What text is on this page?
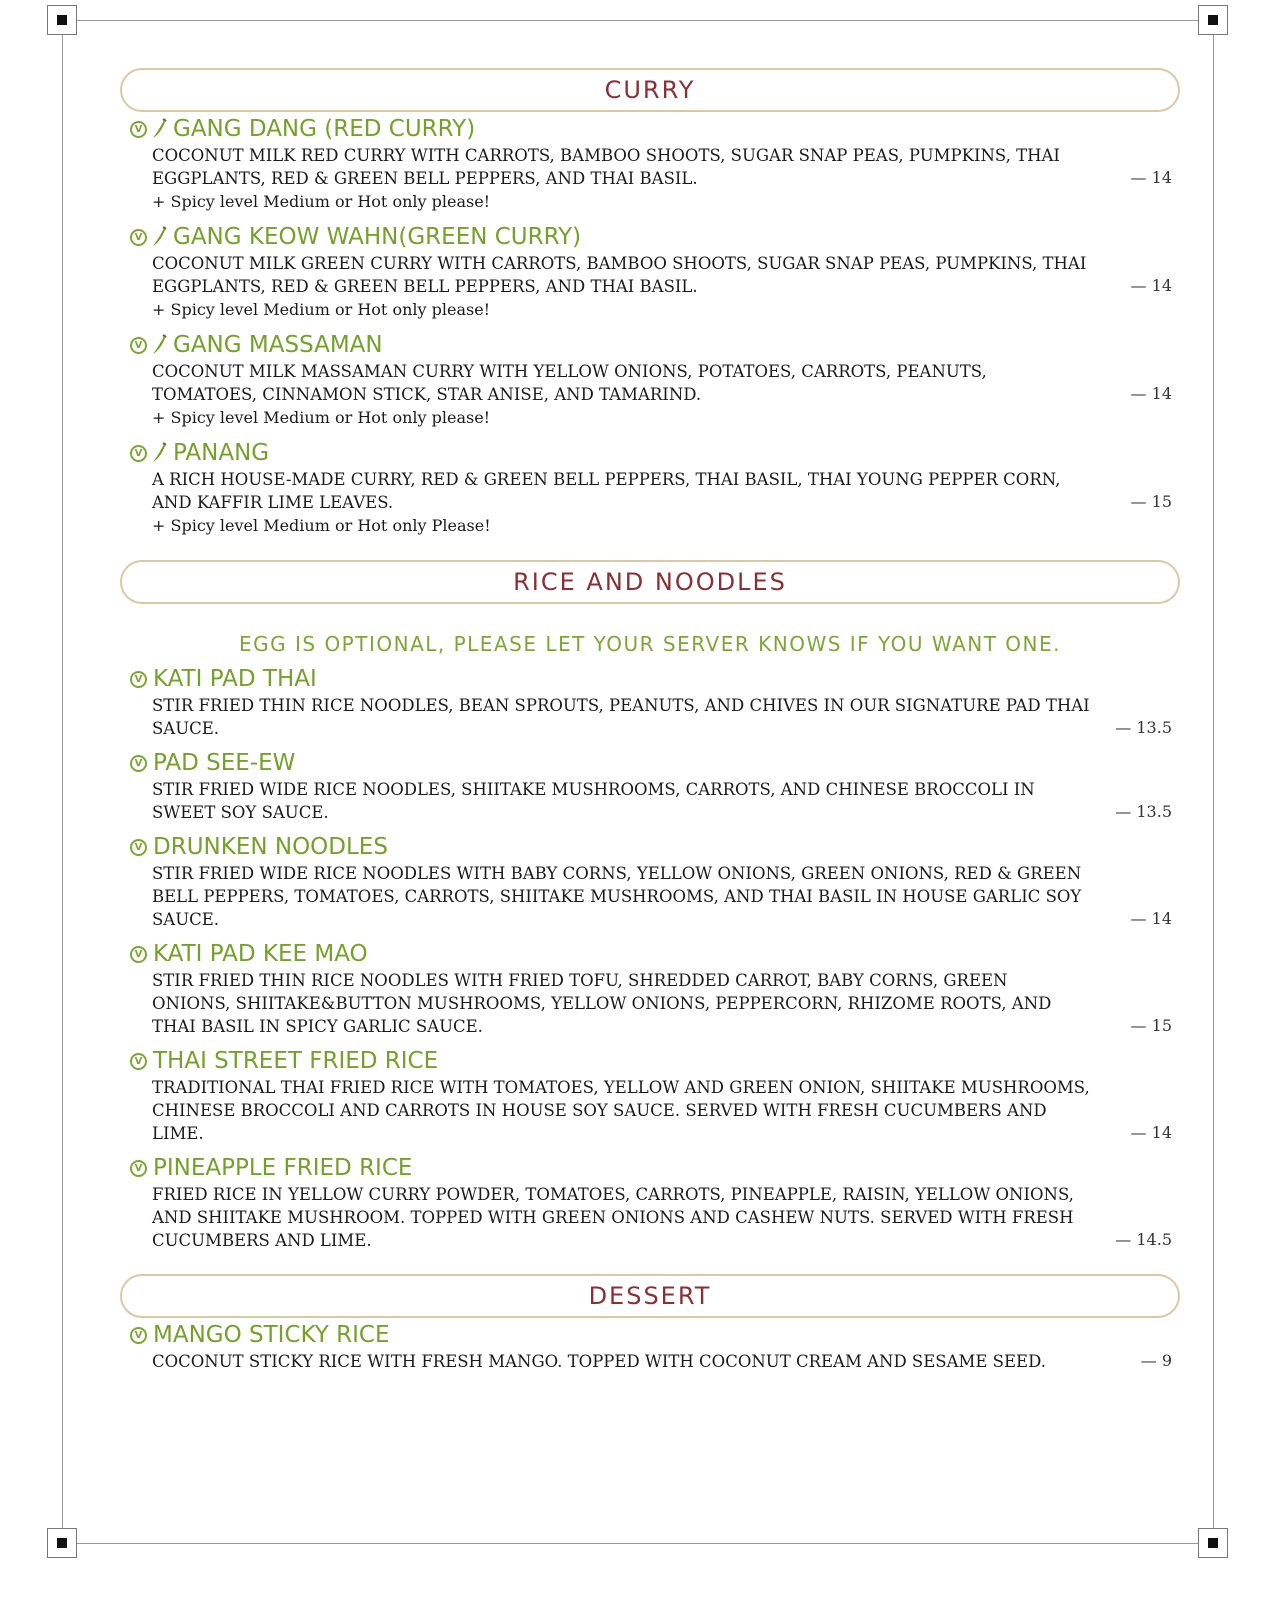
CURRY
V GANG DANG (RED CURRY)
COCONUT MILK RED CURRY WITH CARROTS, BAMBOO SHOOTS, SUGAR SNAP PEAS, PUMPKINS, THAI EGGPLANTS, RED & GREEN BELL PEPPERS, AND THAI BASIL.	— 14
+ Spicy level Medium or Hot only please!
V GANG KEOW WAHN(GREEN CURRY)
COCONUT MILK GREEN CURRY WITH CARROTS, BAMBOO SHOOTS, SUGAR SNAP PEAS, PUMPKINS, THAI EGGPLANTS, RED & GREEN BELL PEPPERS, AND THAI BASIL.	— 14
+ Spicy level Medium or Hot only please!
V GANG MASSAMAN
COCONUT MILK MASSAMAN CURRY WITH YELLOW ONIONS, POTATOES, CARROTS, PEANUTS, TOMATOES, CINNAMON STICK, STAR ANISE, AND TAMARIND.	— 14
+ Spicy level Medium or Hot only please!
V PANANG
A RICH HOUSE-MADE CURRY, RED & GREEN BELL PEPPERS, THAI BASIL, THAI YOUNG PEPPER CORN, AND KAFFIR LIME LEAVES.	— 15
+ Spicy level Medium or Hot only Please!
RICE AND NOODLES
EGG IS OPTIONAL, PLEASE LET YOUR SERVER KNOWS IF YOU WANT ONE.
V KATI PAD THAI
STIR FRIED THIN RICE NOODLES, BEAN SPROUTS, PEANUTS, AND CHIVES IN OUR SIGNATURE PAD THAI SAUCE.	— 13.5
V PAD SEE-EW
STIR FRIED WIDE RICE NOODLES, SHIITAKE MUSHROOMS, CARROTS, AND CHINESE BROCCOLI IN SWEET SOY SAUCE.	— 13.5
V DRUNKEN NOODLES
STIR FRIED WIDE RICE NOODLES WITH BABY CORNS, YELLOW ONIONS, GREEN ONIONS, RED & GREEN BELL PEPPERS, TOMATOES, CARROTS, SHIITAKE MUSHROOMS, AND THAI BASIL IN HOUSE GARLIC SOY SAUCE.	— 14
V KATI PAD KEE MAO
STIR FRIED THIN RICE NOODLES WITH FRIED TOFU, SHREDDED CARROT, BABY CORNS, GREEN ONIONS, SHIITAKE&BUTTON MUSHROOMS, YELLOW ONIONS, PEPPERCORN, RHIZOME ROOTS, AND THAI BASIL IN SPICY GARLIC SAUCE.	— 15
V THAI STREET FRIED RICE
TRADITIONAL THAI FRIED RICE WITH TOMATOES, YELLOW AND GREEN ONION, SHIITAKE MUSHROOMS, CHINESE BROCCOLI AND CARROTS IN HOUSE SOY SAUCE. SERVED WITH FRESH CUCUMBERS AND LIME.	— 14
V PINEAPPLE FRIED RICE
FRIED RICE IN YELLOW CURRY POWDER, TOMATOES, CARROTS, PINEAPPLE, RAISIN, YELLOW ONIONS, AND SHIITAKE MUSHROOM. TOPPED WITH GREEN ONIONS AND CASHEW NUTS. SERVED WITH FRESH CUCUMBERS AND LIME.	— 14.5
DESSERT
V MANGO STICKY RICE
COCONUT STICKY RICE WITH FRESH MANGO. TOPPED WITH COCONUT CREAM AND SESAME SEED.	— 9
